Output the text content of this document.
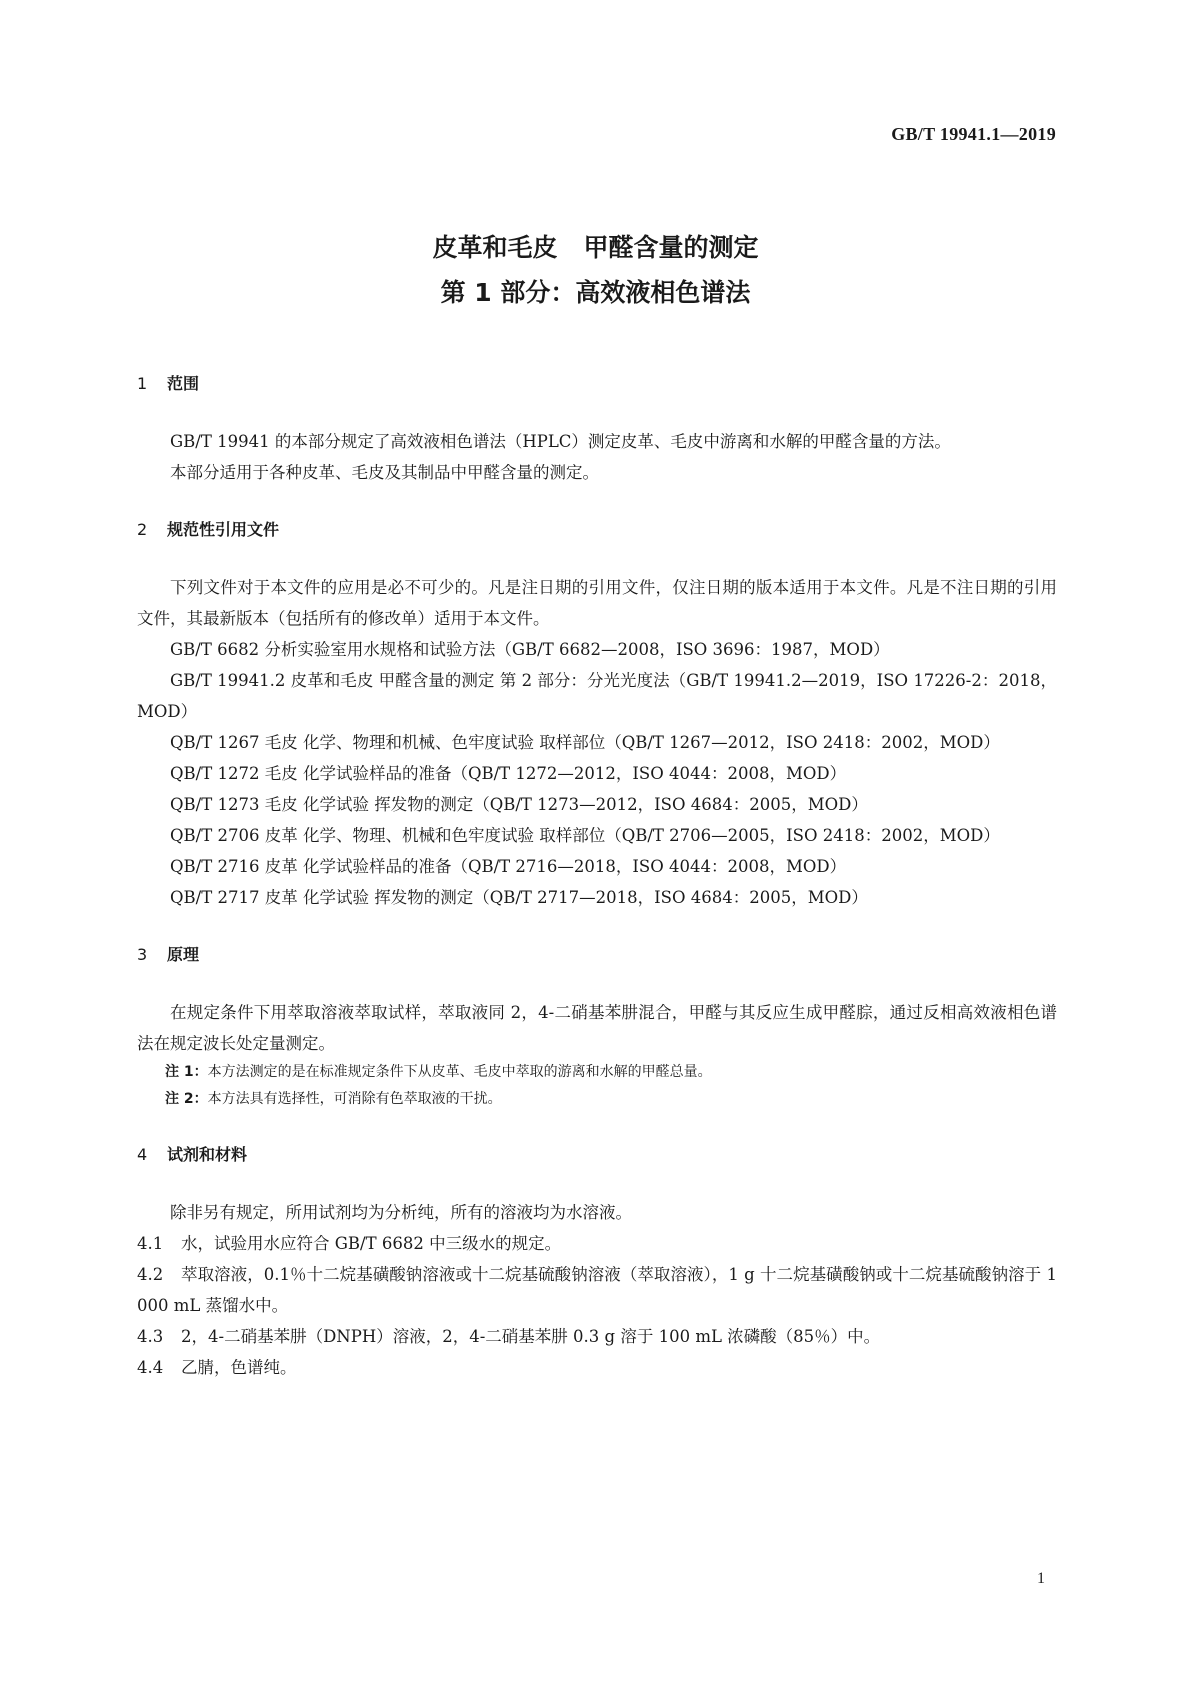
GB/T 19941.1—2019
皮革和毛皮   甲醛含量的测定
第 1 部分：高效液相色谱法
1 范围

GB/T 19941 的本部分规定了高效液相色谱法（HPLC）测定皮革、毛皮中游离和水解的甲醛含量的方法。

本部分适用于各种皮革、毛皮及其制品中甲醛含量的测定。

2 规范性引用文件

下列文件对于本文件的应用是必不可少的。凡是注日期的引用文件，仅注日期的版本适用于本文件。凡是不注日期的引用文件，其最新版本（包括所有的修改单）适用于本文件。

GB/T 6682 分析实验室用水规格和试验方法（GB/T 6682—2008，ISO 3696：1987，MOD）

GB/T 19941.2 皮革和毛皮 甲醛含量的测定 第 2 部分：分光光度法（GB/T 19941.2—2019，ISO 17226-2：2018，MOD）

QB/T 1267 毛皮 化学、物理和机械、色牢度试验 取样部位（QB/T 1267—2012，ISO 2418：2002，MOD）

QB/T 1272 毛皮 化学试验样品的准备（QB/T 1272—2012，ISO 4044：2008，MOD）

QB/T 1273 毛皮 化学试验 挥发物的测定（QB/T 1273—2012，ISO 4684：2005，MOD）

QB/T 2706 皮革 化学、物理、机械和色牢度试验 取样部位（QB/T 2706—2005，ISO 2418：2002，MOD）

QB/T 2716 皮革 化学试验样品的准备（QB/T 2716—2018，ISO 4044：2008，MOD）

QB/T 2717 皮革 化学试验 挥发物的测定（QB/T 2717—2018，ISO 4684：2005，MOD）

3 原理

在规定条件下用萃取溶液萃取试样，萃取液同 2，4-二硝基苯肼混合，甲醛与其反应生成甲醛腙，通过反相高效液相色谱法在规定波长处定量测定。

注 1：本方法测定的是在标准规定条件下从皮革、毛皮中萃取的游离和水解的甲醛总量。

注 2：本方法具有选择性，可消除有色萃取液的干扰。

4 试剂和材料

除非另有规定，所用试剂均为分析纯，所有的溶液均为水溶液。

4.1 水，试验用水应符合 GB/T 6682 中三级水的规定。

4.2 萃取溶液，0.1％十二烷基磺酸钠溶液或十二烷基硫酸钠溶液（萃取溶液），1 g 十二烷基磺酸钠或十二烷基硫酸钠溶于 1 000 mL 蒸馏水中。

4.3 2，4-二硝基苯肼（DNPH）溶液，2，4-二硝基苯肼 0.3 g 溶于 100 mL 浓磷酸（85％）中。

4.4 乙腈，色谱纯。

1
